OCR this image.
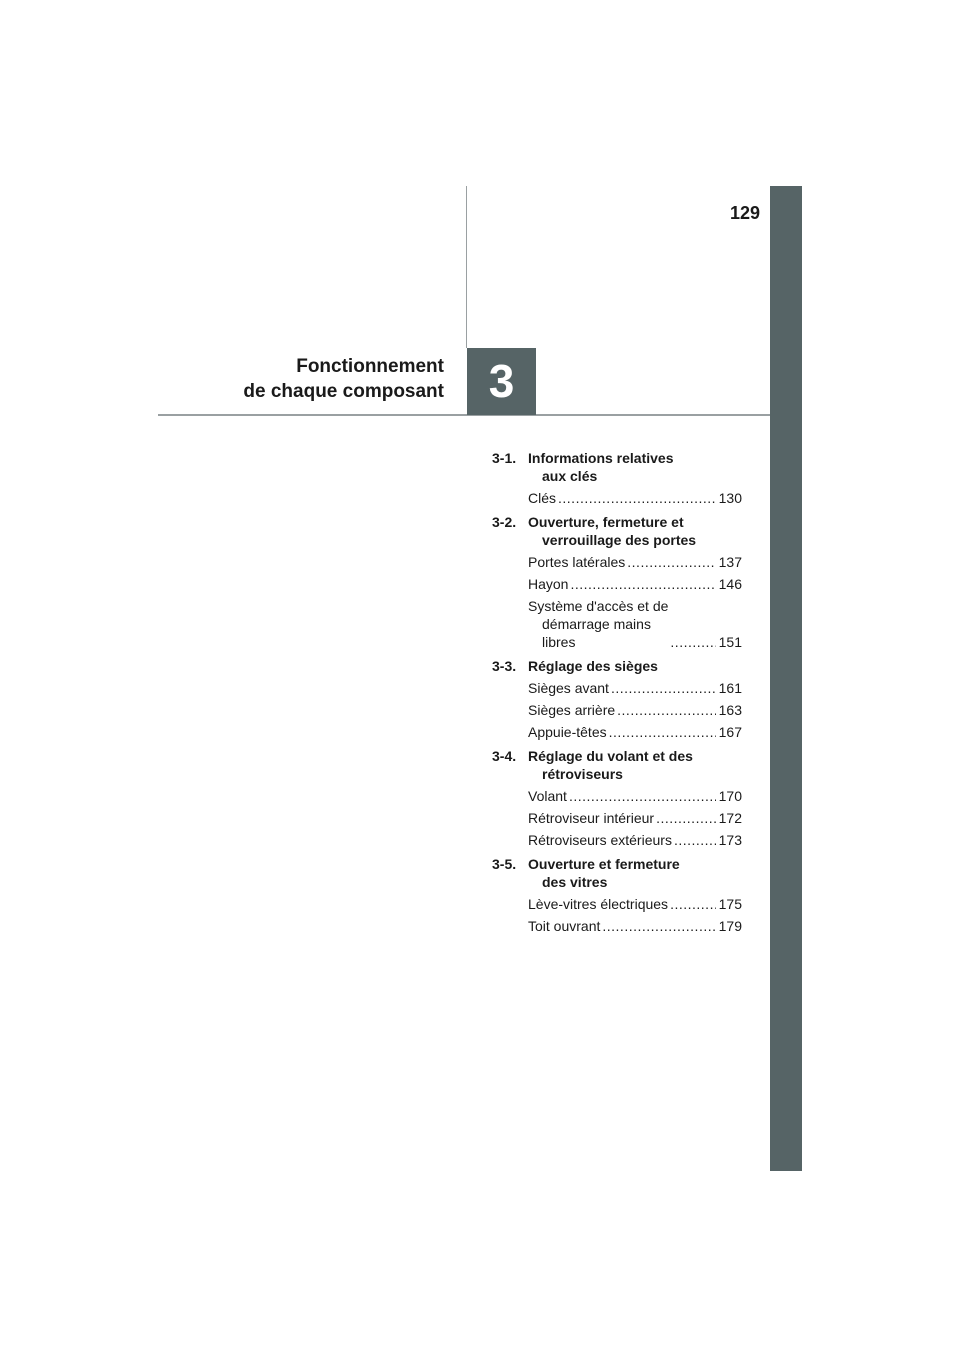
129
Fonctionnement
de chaque composant 3
3-1. Informations relatives
aux clés
Clés .....	130
3-2. Ouverture, fermeture et
verrouillage des portes
Portes latérales .....	137
Hayon .....	146
Système d'accès et de
démarrage mains
libres .....	151
3-3. Réglage des sièges
Sièges avant .....	161
Sièges arrière .....	163
Appuie-têtes .....	167
3-4. Réglage du volant et des
rétroviseurs
Volant .....	170
Rétroviseur intérieur .....	172
Rétroviseurs extérieurs .....	173
3-5. Ouverture et fermeture
des vitres
Lève-vitres électriques .....	175
Toit ouvrant .....	179
